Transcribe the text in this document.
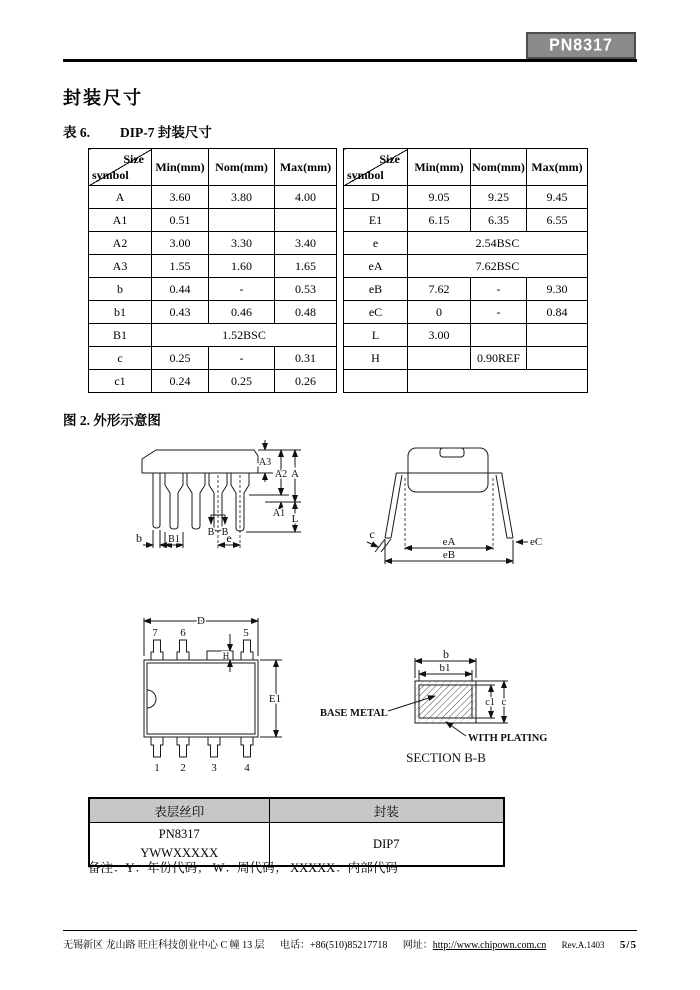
PN8317
封装尺寸
表 6. DIP-7 封装尺寸
Size
symbol	Min(mm)	Nom(mm)	Max(mm)
A	3.60	3.80	4.00
A1	0.51		
A2	3.00	3.30	3.40
A3	1.55	1.60	1.65
b	0.44	-	0.53
b1	0.43	0.46	0.48
B1	1.52BSC		
c	0.25	-	0.31
c1	0.24	0.25	0.26
Size
symbol	Min(mm)	Nom(mm)	Max(mm)
D	9.05	9.25	9.45
E1	6.15	6.35	6.55
e	2.54BSC		
eA	7.62BSC		
eB	7.62	-	9.30
eC	0	-	0.84
L	3.00		
H		0.90REF	

图 2. 外形示意图
b	B1
B B
e
A3
A2 A
A1 L
c
eA
eB
eC
D
7 6	5
H
E1
1 2 3	4
b
b1
c1 c
BASE METAL
WITH PLATING
SECTION B-B
表层丝印	封装

PN8317
YWWXXXXX	DIP7
备注：Y：年份代码； W：周代码； XXXXX：内部代码
无锡新区 龙山路 旺庄科技创业中心 C 幢 13 层 电话：+86(510)85217718 网址：http://www.chipown.com.cn Rev.A.1403 5/5
